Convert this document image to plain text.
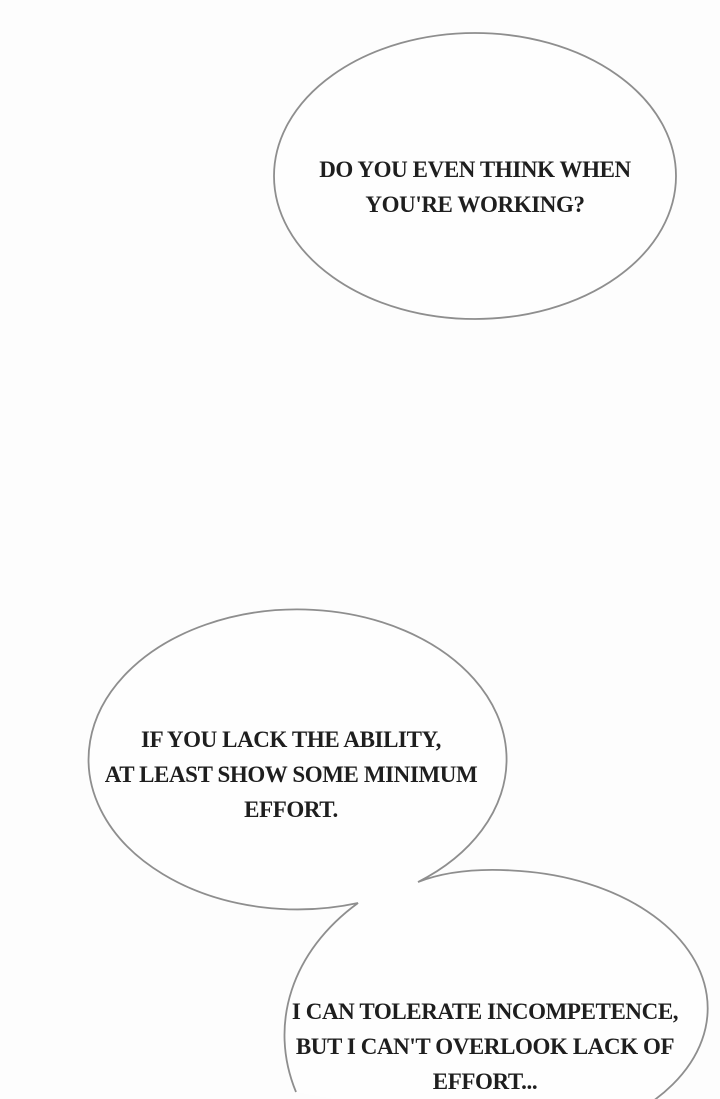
DO YOU EVEN THINK WHEN
YOU'RE WORKING?
IF YOU LACK THE ABILITY,
AT LEAST SHOW SOME MINIMUM
EFFORT.
I CAN TOLERATE INCOMPETENCE,
BUT I CAN'T OVERLOOK LACK OF
EFFORT...
